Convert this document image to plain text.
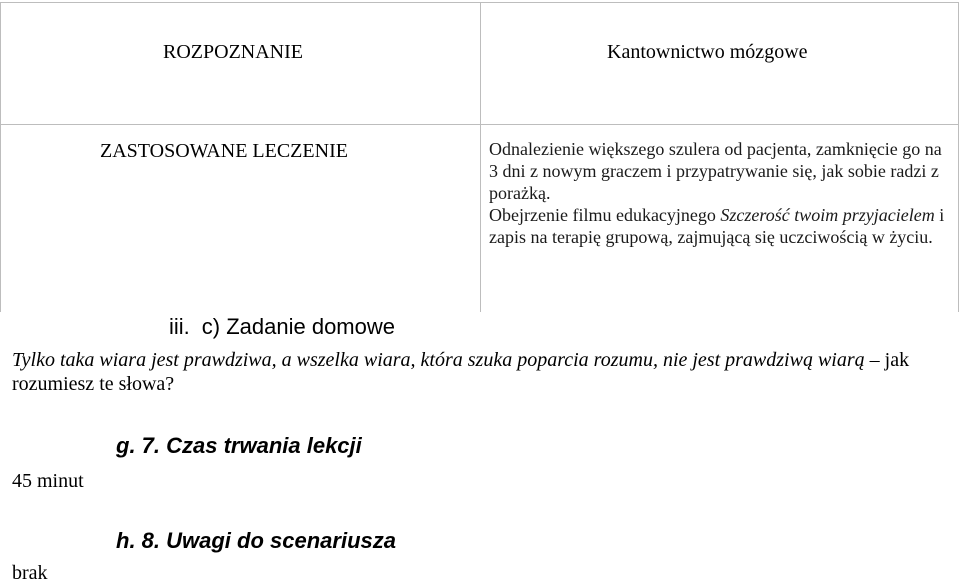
ROZPOZNANIE	Kantownictwo mózgowe
ZASTOSOWANE LECZENIE	Odnalezienie większego szulera od pacjenta, zamknięcie go na 3 dni z nowym graczem i przypatrywanie się, jak sobie radzi z porażką.

Obejrzenie filmu edukacyjnego Szczerość twoim przyjacielem i zapis na terapię grupową, zajmującą się uczciwością w życiu.

iii. c) Zadanie domowe
Tylko taka wiara jest prawdziwa, a wszelka wiara, która szuka poparcia rozumu, nie jest prawdziwą wiarą – jak rozumiesz te słowa?
g. 7. Czas trwania lekcji
45 minut
h. 8. Uwagi do scenariusza
brak
